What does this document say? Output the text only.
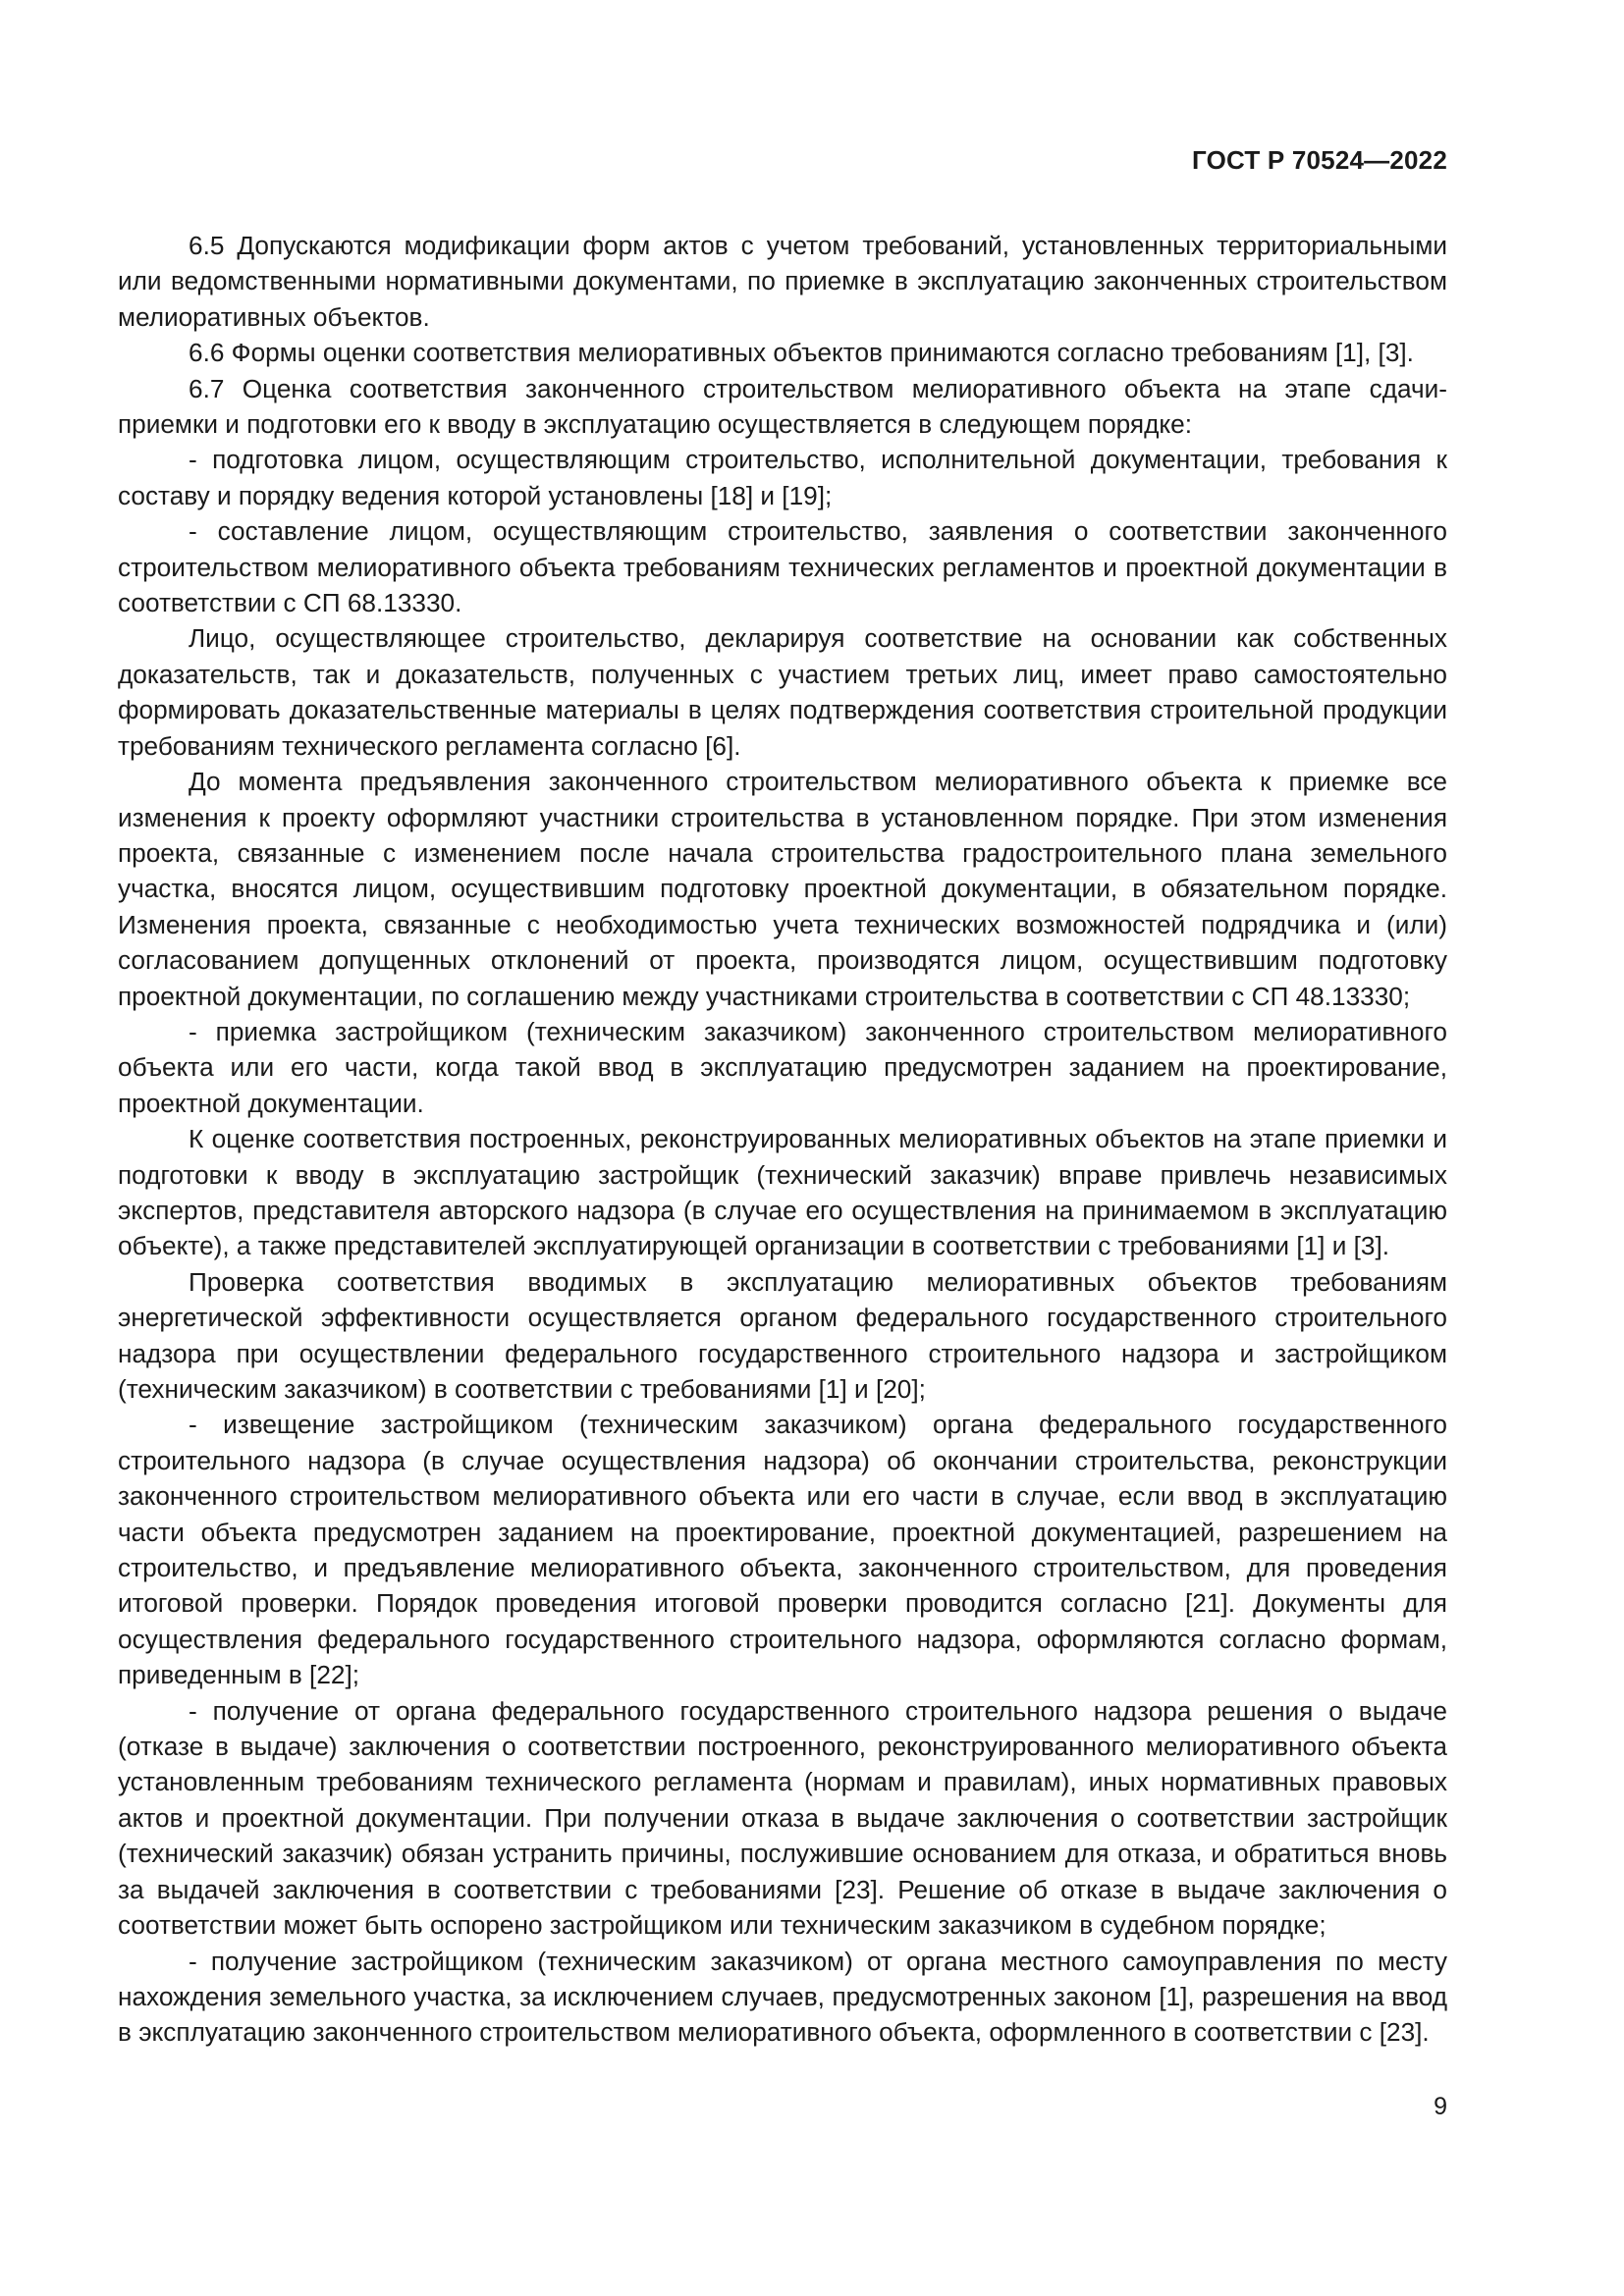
ГОСТ Р 70524—2022

6.5 Допускаются модификации форм актов с учетом требований, установленных территориальными или ведомственными нормативными документами, по приемке в эксплуатацию законченных строительством мелиоративных объектов.

6.6 Формы оценки соответствия мелиоративных объектов принимаются согласно требованиям [1], [3].

6.7 Оценка соответствия законченного строительством мелиоративного объекта на этапе сдачи-приемки и подготовки его к вводу в эксплуатацию осуществляется в следующем порядке:

- подготовка лицом, осуществляющим строительство, исполнительной документации, требования к составу и порядку ведения которой установлены [18] и [19];

- составление лицом, осуществляющим строительство, заявления о соответствии законченного строительством мелиоративного объекта требованиям технических регламентов и проектной документации в соответствии с СП 68.13330.

Лицо, осуществляющее строительство, декларируя соответствие на основании как собственных доказательств, так и доказательств, полученных с участием третьих лиц, имеет право самостоятельно формировать доказательственные материалы в целях подтверждения соответствия строительной продукции требованиям технического регламента согласно [6].

До момента предъявления законченного строительством мелиоративного объекта к приемке все изменения к проекту оформляют участники строительства в установленном порядке. При этом изменения проекта, связанные с изменением после начала строительства градостроительного плана земельного участка, вносятся лицом, осуществившим подготовку проектной документации, в обязательном порядке. Изменения проекта, связанные с необходимостью учета технических возможностей подрядчика и (или) согласованием допущенных отклонений от проекта, производятся лицом, осуществившим подготовку проектной документации, по соглашению между участниками строительства в соответствии с СП 48.13330;

- приемка застройщиком (техническим заказчиком) законченного строительством мелиоративного объекта или его части, когда такой ввод в эксплуатацию предусмотрен заданием на проектирование, проектной документации.

К оценке соответствия построенных, реконструированных мелиоративных объектов на этапе приемки и подготовки к вводу в эксплуатацию застройщик (технический заказчик) вправе привлечь независимых экспертов, представителя авторского надзора (в случае его осуществления на принимаемом в эксплуатацию объекте), а также представителей эксплуатирующей организации в соответствии с требованиями [1] и [3].

Проверка соответствия вводимых в эксплуатацию мелиоративных объектов требованиям энергетической эффективности осуществляется органом федерального государственного строительного надзора при осуществлении федерального государственного строительного надзора и застройщиком (техническим заказчиком) в соответствии с требованиями [1] и [20];

- извещение застройщиком (техническим заказчиком) органа федерального государственного строительного надзора (в случае осуществления надзора) об окончании строительства, реконструкции законченного строительством мелиоративного объекта или его части в случае, если ввод в эксплуатацию части объекта предусмотрен заданием на проектирование, проектной документацией, разрешением на строительство, и предъявление мелиоративного объекта, законченного строительством, для проведения итоговой проверки. Порядок проведения итоговой проверки проводится согласно [21]. Документы для осуществления федерального государственного строительного надзора, оформляются согласно формам, приведенным в [22];

- получение от органа федерального государственного строительного надзора решения о выдаче (отказе в выдаче) заключения о соответствии построенного, реконструированного мелиоративного объекта установленным требованиям технического регламента (нормам и правилам), иных нормативных правовых актов и проектной документации. При получении отказа в выдаче заключения о соответствии застройщик (технический заказчик) обязан устранить причины, послужившие основанием для отказа, и обратиться вновь за выдачей заключения в соответствии с требованиями [23]. Решение об отказе в выдаче заключения о соответствии может быть оспорено застройщиком или техническим заказчиком в судебном порядке;

- получение застройщиком (техническим заказчиком) от органа местного самоуправления по месту нахождения земельного участка, за исключением случаев, предусмотренных законом [1], разрешения на ввод в эксплуатацию законченного строительством мелиоративного объекта, оформленного в соответствии с [23].

9
